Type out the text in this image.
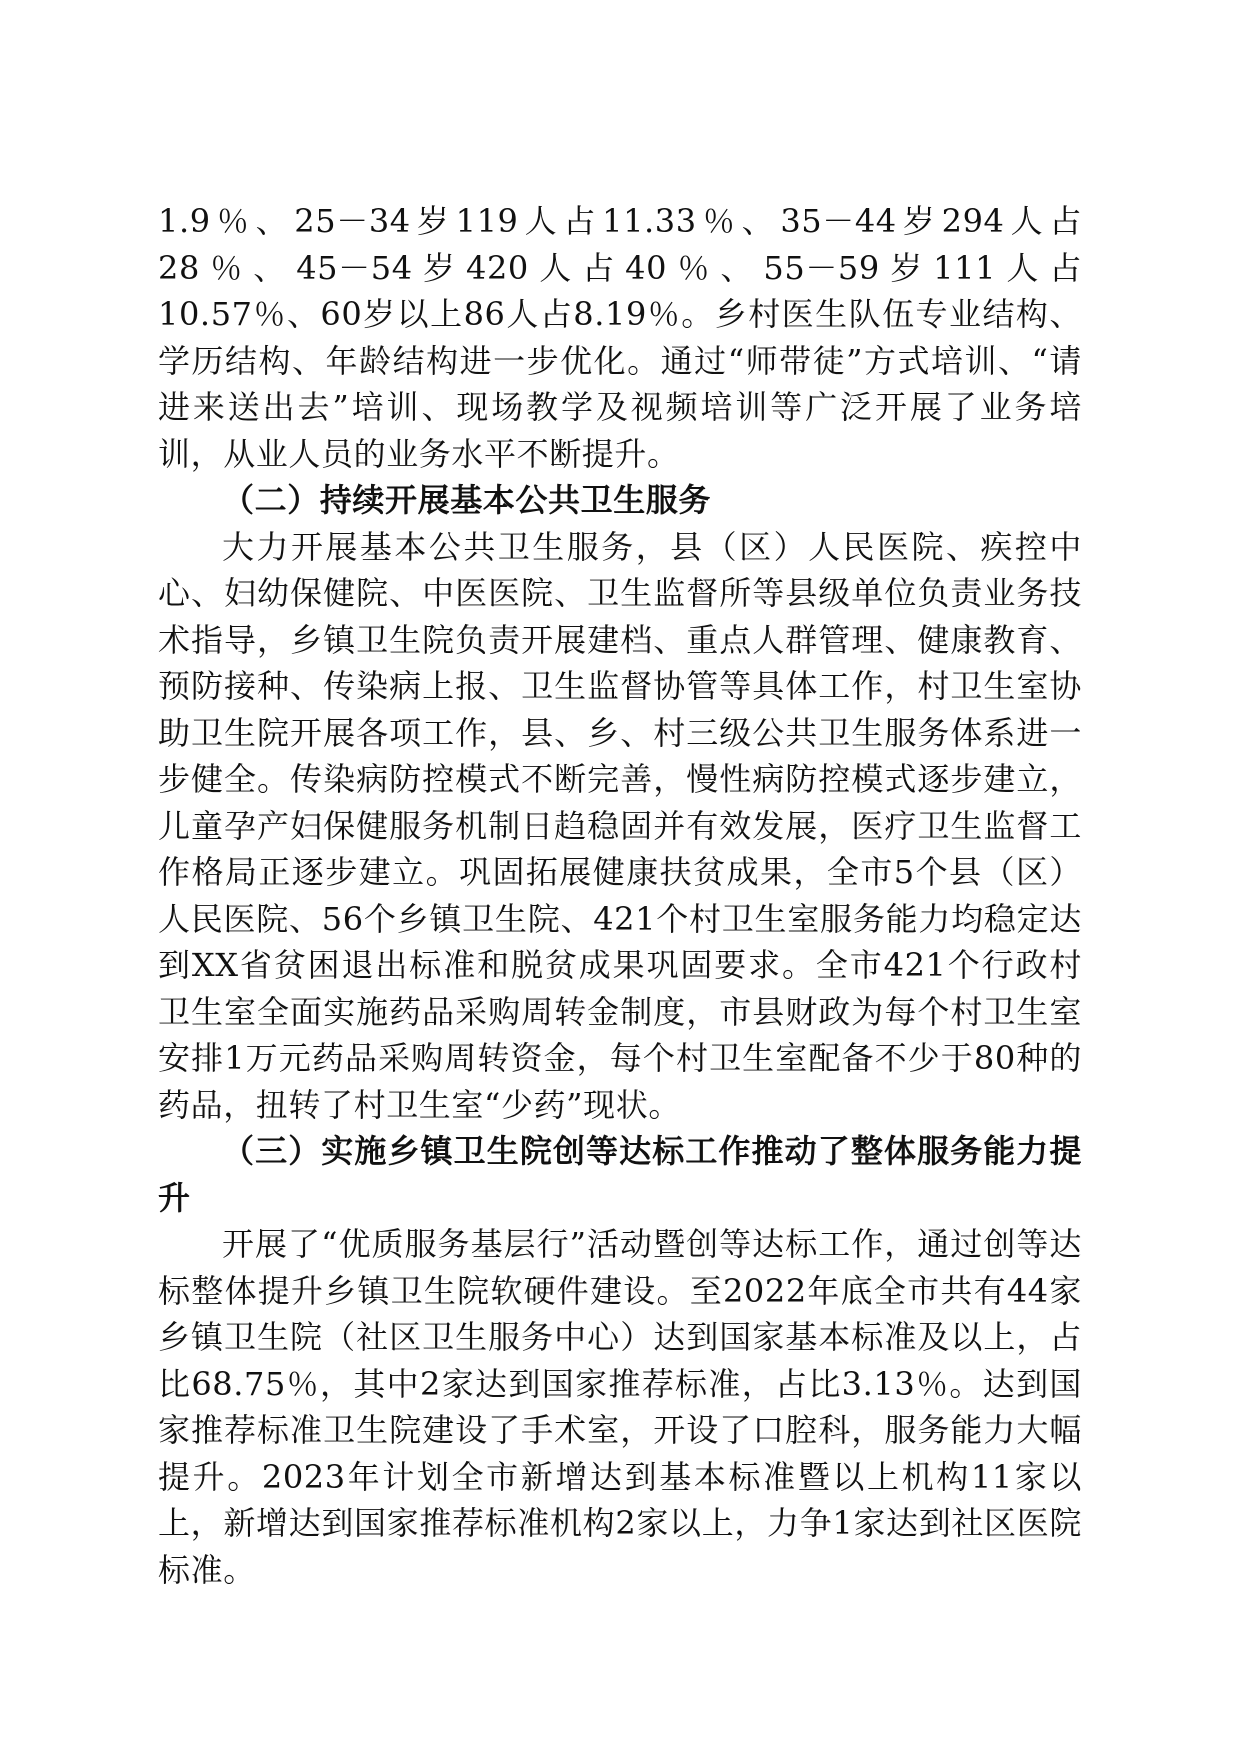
1.9％、25－34岁119人占11.33％、35－44岁294人占28％、45－54岁420人占40％、55－59岁111人占10.57％、60岁以上86人占8.19％。乡村医生队伍专业结构、学历结构、年龄结构进一步优化。通过“师带徒”方式培训、“请进来送出去”培训、现场教学及视频培训等广泛开展了业务培训，从业人员的业务水平不断提升。

（二）持续开展基本公共卫生服务

大力开展基本公共卫生服务，县（区）人民医院、疾控中心、妇幼保健院、中医医院、卫生监督所等县级单位负责业务技术指导，乡镇卫生院负责开展建档、重点人群管理、健康教育、预防接种、传染病上报、卫生监督协管等具体工作，村卫生室协助卫生院开展各项工作，县、乡、村三级公共卫生服务体系进一步健全。传染病防控模式不断完善，慢性病防控模式逐步建立，儿童孕产妇保健服务机制日趋稳固并有效发展，医疗卫生监督工作格局正逐步建立。巩固拓展健康扶贫成果，全市5个县（区）人民医院、56个乡镇卫生院、421个村卫生室服务能力均稳定达到XX省贫困退出标准和脱贫成果巩固要求。全市421个行政村卫生室全面实施药品采购周转金制度，市县财政为每个村卫生室安排1万元药品采购周转资金，每个村卫生室配备不少于80种的药品，扭转了村卫生室“少药”现状。

（三）实施乡镇卫生院创等达标工作推动了整体服务能力提升

开展了“优质服务基层行”活动暨创等达标工作，通过创等达标整体提升乡镇卫生院软硬件建设。至2022年底全市共有44家乡镇卫生院（社区卫生服务中心）达到国家基本标准及以上，占比68.75％，其中2家达到国家推荐标准，占比3.13％。达到国家推荐标准卫生院建设了手术室，开设了口腔科，服务能力大幅提升。2023年计划全市新增达到基本标准暨以上机构11家以上，新增达到国家推荐标准机构2家以上，力争1家达到社区医院标准。
